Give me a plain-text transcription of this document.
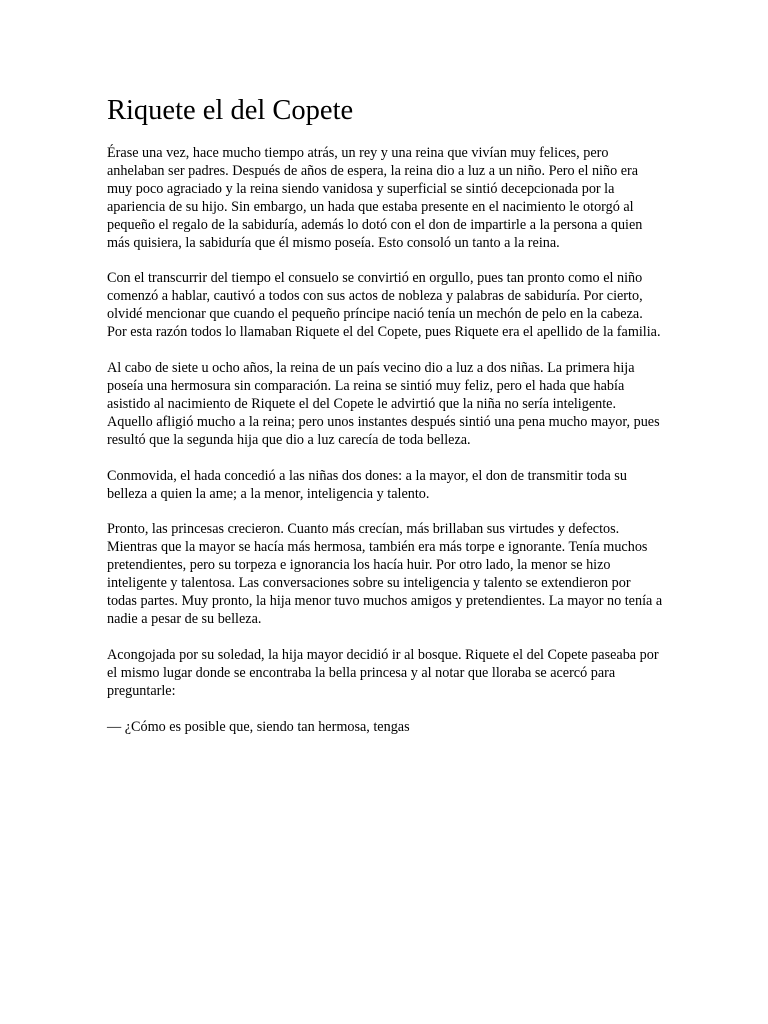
Riquete el del Copete

Érase una vez, hace mucho tiempo atrás, un rey y una reina que vivían muy felices, pero anhelaban ser padres. Después de años de espera, la reina dio a luz a un niño. Pero el niño era muy poco agraciado y la reina siendo vanidosa y superficial se sintió decepcionada por la apariencia de su hijo. Sin embargo, un hada que estaba presente en el nacimiento le otorgó al pequeño el regalo de la sabiduría, además lo dotó con el don de impartirle a la persona a quien más quisiera, la sabiduría que él mismo poseía. Esto consoló un tanto a la reina.

Con el transcurrir del tiempo el consuelo se convirtió en orgullo, pues tan pronto como el niño comenzó a hablar, cautivó a todos con sus actos de nobleza y palabras de sabiduría. Por cierto, olvidé mencionar que cuando el pequeño príncipe nació tenía un mechón de pelo en la cabeza. Por esta razón todos lo llamaban Riquete el del Copete, pues Riquete era el apellido de la familia.

Al cabo de siete u ocho años, la reina de un país vecino dio a luz a dos niñas. La primera hija poseía una hermosura sin comparación. La reina se sintió muy feliz, pero el hada que había asistido al nacimiento de Riquete el del Copete le advirtió que la niña no sería inteligente. Aquello afligió mucho a la reina; pero unos instantes después sintió una pena mucho mayor, pues resultó que la segunda hija que dio a luz carecía de toda belleza.

Conmovida, el hada concedió a las niñas dos dones: a la mayor, el don de transmitir toda su belleza a quien la ame; a la menor, inteligencia y talento.

Pronto, las princesas crecieron. Cuanto más crecían, más brillaban sus virtudes y defectos. Mientras que la mayor se hacía más hermosa, también era más torpe e ignorante. Tenía muchos pretendientes, pero su torpeza e ignorancia los hacía huir. Por otro lado, la menor se hizo inteligente y talentosa. Las conversaciones sobre su inteligencia y talento se extendieron por todas partes. Muy pronto, la hija menor tuvo muchos amigos y pretendientes. La mayor no tenía a nadie a pesar de su belleza.

Acongojada por su soledad, la hija mayor decidió ir al bosque. Riquete el del Copete paseaba por el mismo lugar donde se encontraba la bella princesa y al notar que lloraba se acercó para preguntarle:

— ¿Cómo es posible que, siendo tan hermosa, tengas
